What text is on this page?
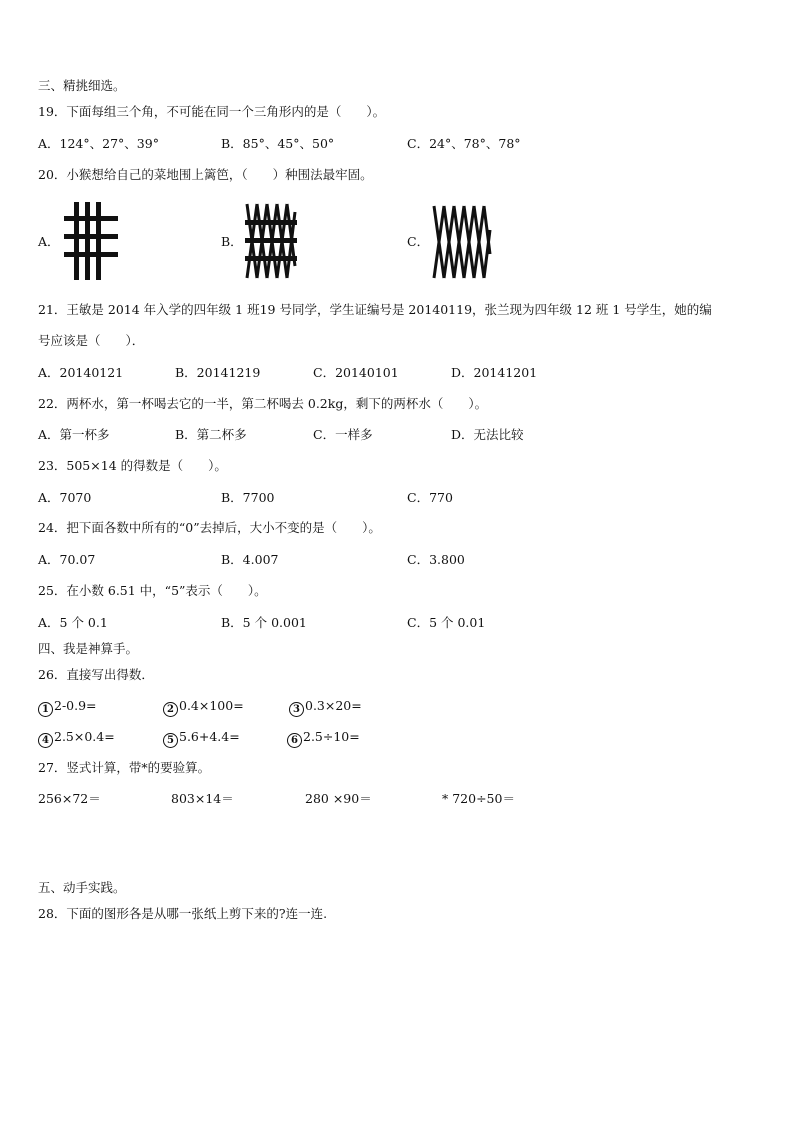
三、精挑细选。
19．下面每组三个角，不可能在同一个三角形内的是（　　）。
A．124°、27°、39°	B．85°、45°、50°	C．24°、78°、78°
20．小猴想给自己的菜地围上篱笆，（　　）种围法最牢固。
A．	B．	C．
21．王敏是 2014 年入学的四年级 1 班19 号同学，学生证编号是 20140119，张兰现为四年级 12 班 1 号学生，她的编
号应该是（　　）．
A．20140121	B．20141219	C．20140101	D．20141201
22．两杯水，第一杯喝去它的一半，第二杯喝去 0.2kg，剩下的两杯水（　　）。
A．第一杯多	B．第二杯多	C．一样多	D．无法比较
23．505×14 的得数是（　　）。
A．7070	B．7700	C．770
24．把下面各数中所有的“0”去掉后，大小不变的是（　　）。
A．70.07	B．4.007	C．3.800
25．在小数 6.51 中，“5”表示（　　）。
A．5 个 0.1	B．5 个 0.001	C．5 个 0.01
四、我是神算手。
26．直接写出得数．
1 2-0.9=	2 0.4×100=	3 0.3×20=
4 2.5×0.4=	5 5.6+4.4=	6 2.5÷10=
27．竖式计算，带*的要验算。
256×72＝	803×14＝	280 ×90＝	* 720÷50＝
五、动手实践。
28．下面的图形各是从哪一张纸上剪下来的?连一连.
